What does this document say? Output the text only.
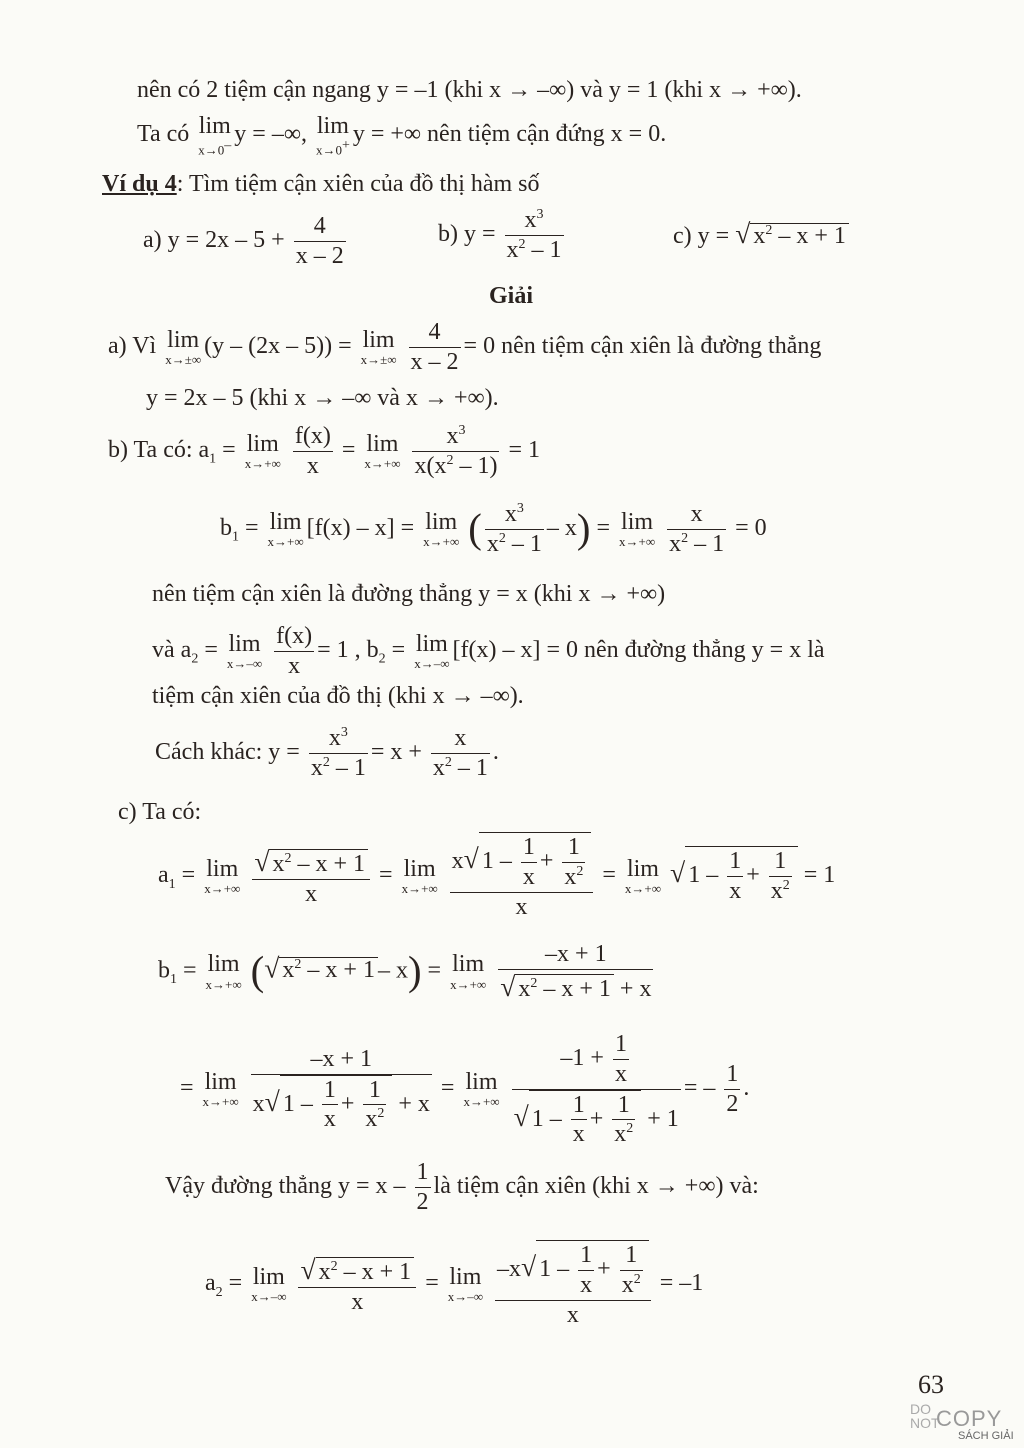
nên có 2 tiệm cận ngang y = –1 (khi x → –∞) và y = 1 (khi x → +∞).
Ta có lim
x→0– y = –∞, lim
x→0+ y = +∞ nên tiệm cận đứng x = 0.
Ví dụ 4: Tìm tiệm cận xiên của đồ thị hàm số
a) $y = 2x - 5 + \frac{4}{x - 2}$	b) $y = \frac{x^3}{x^2 - 1}$	c) y = √ $x^2 - x + 1$
Giải
a) Vì lim
x→±∞
(y – (2x – 5)) = lim
x→±∞
$\frac{4}{x - 2} = 0$ nên tiệm cận xiên là đường thẳng
y = 2x – 5 (khi x → –∞ và x → +∞).
b) Ta có: $a_1 = \lim$
x→+∞
$\frac{f(x)}{x} = \lim$
x→+∞
$\frac{x^3}{x(x^2 - 1)} = 1$
$b_1 = \lim$
x→+∞
[f(x) – x] = lim
x→+∞ ( $\frac{x^3}{x^2 - 1} - x) = \lim$
x→+∞
$\frac{x}{x^2 - 1} = 0$
nên tiệm cận xiên là đường thẳng y = x (khi x → +∞)
và $a_2 = \lim$
x→–∞
$\frac{f(x)}{x} = 1$ , $b_2 = \lim$
x→–∞
[f(x) – x] = 0 nên đường thẳng y = x là
tiệm cận xiên của đồ thị (khi x → –∞).
Cách khác: $y = \frac{x^3}{x^2 - 1} = x + \frac{x}{x^2 - 1}$ .
c) Ta có:
$a_1 = \lim$
x→+∞
$\frac{√ x^2 - x + 1}{x} = \lim$
x→+∞
$\frac{x√ 1 - \frac{1}{x} + \frac{1}{x^2}}{x} = \lim$
x→+∞
√ $1 - \frac{1}{x} + \frac{1}{x^2} = 1$
$b_1 = \lim$
x→+∞ (√ $x^2 - x + 1 - x) = \lim$
x→+∞
$\frac{-x + 1}{√ x^2 - x + 1 + x}$
= lim
x→+∞
$\frac{-x + 1}{x√ 1 - \frac{1}{x} + \frac{1}{x^2} + x} = \lim$
x→+∞
$\frac{-1 + \frac{1}{x}}{√ 1 - \frac{1}{x} + \frac{1}{x^2} + 1}$ = – $\frac{1}{2}$ .
Vậy đường thẳng $y = x - \frac{1}{2}$ là tiệm cận xiên (khi x → +∞) và:
$a_2 = \lim$
x→–∞
$\frac{√ x^2 - x + 1}{x} = \lim$
x→–∞
$\frac{-x√ 1 - \frac{1}{x} + \frac{1}{x^2}}{x} = -1$
63
DO
NOT
COPY
SÁCH GIẢI
